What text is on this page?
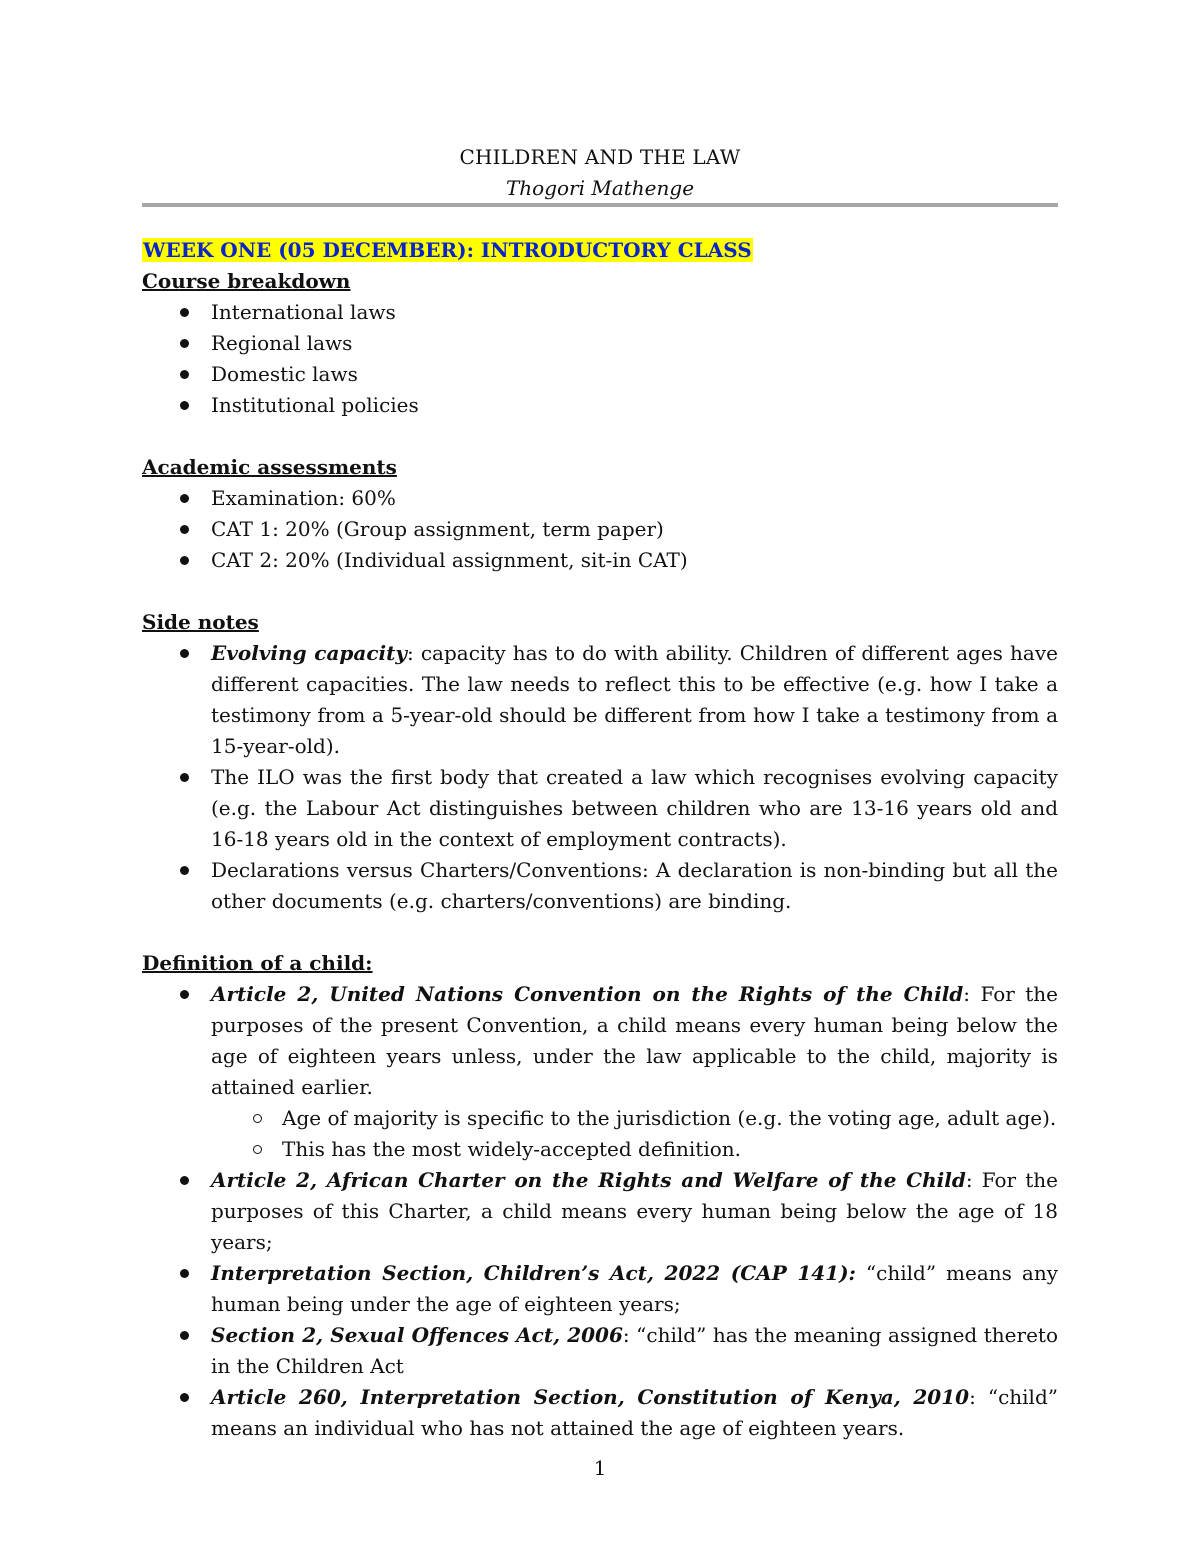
CHILDREN AND THE LAW
Thogori Mathenge
WEEK ONE (05 DECEMBER): INTRODUCTORY CLASS

Course breakdown

International laws
Regional laws
Domestic laws
Institutional policies

Academic assessments

Examination: 60%
CAT 1: 20% (Group assignment, term paper)
CAT 2: 20% (Individual assignment, sit-in CAT)

Side notes

Evolving capacity: capacity has to do with ability. Children of different ages have different capacities. The law needs to reflect this to be effective (e.g. how I take a testimony from a 5-year-old should be different from how I take a testimony from a 15-year-old).
The ILO was the first body that created a law which recognises evolving capacity (e.g. the Labour Act distinguishes between children who are 13-16 years old and 16-18 years old in the context of employment contracts).
Declarations versus Charters/Conventions: A declaration is non-binding but all the other documents (e.g. charters/conventions) are binding.

Definition of a child:

Article 2, United Nations Convention on the Rights of the Child: For the purposes of the present Convention, a child means every human being below the age of eighteen years unless, under the law applicable to the child, majority is attained earlier.
Age of majority is specific to the jurisdiction (e.g. the voting age, adult age).
This has the most widely-accepted definition.
Article 2, African Charter on the Rights and Welfare of the Child: For the purposes of this Charter, a child means every human being below the age of 18 years;
Interpretation Section, Children’s Act, 2022 (CAP 141): “child” means any human being under the age of eighteen years;
Section 2, Sexual Offences Act, 2006: “child” has the meaning assigned thereto in the Children Act
Article 260, Interpretation Section, Constitution of Kenya, 2010: “child” means an individual who has not attained the age of eighteen years.
1
